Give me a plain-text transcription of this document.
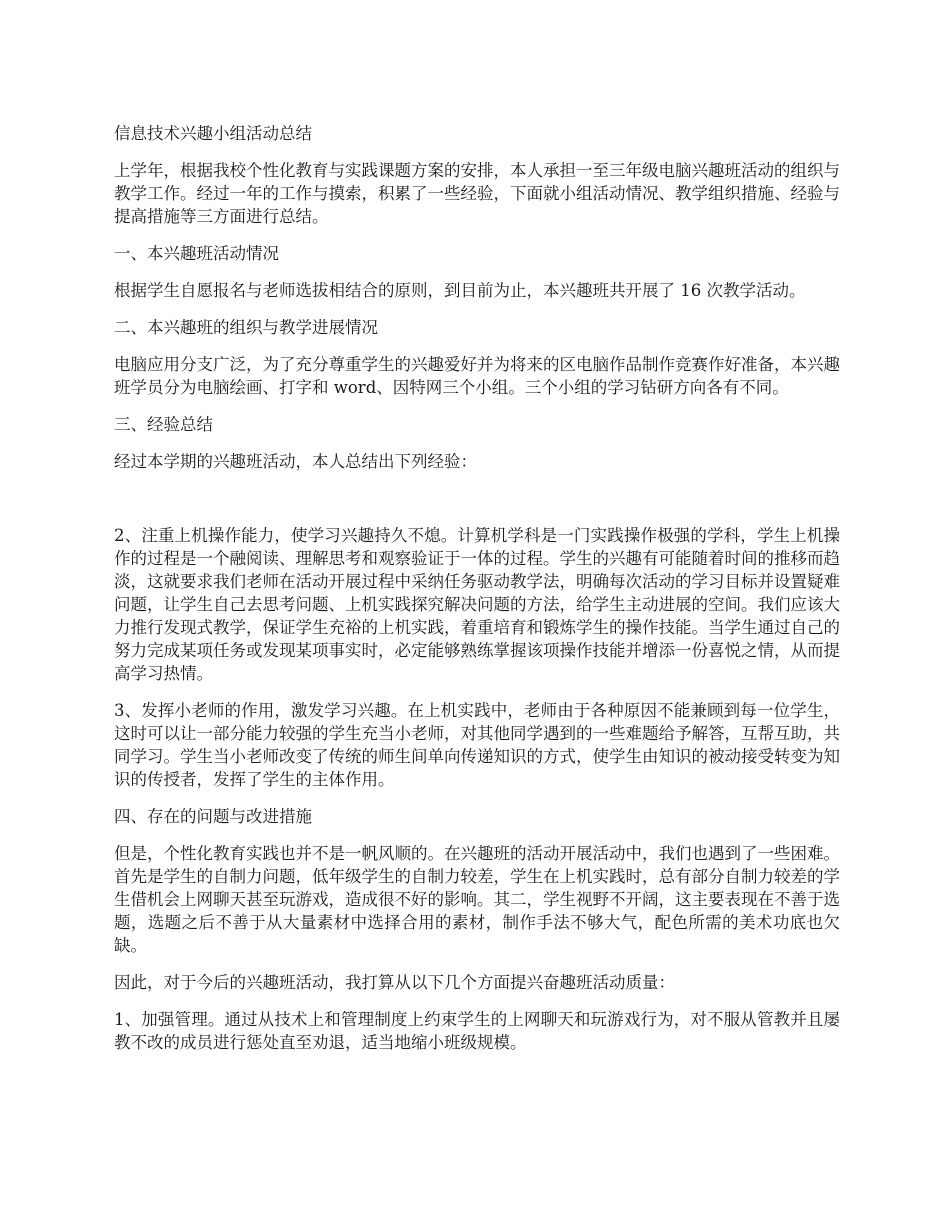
信息技术兴趣小组活动总结

上学年，根据我校个性化教育与实践课题方案的安排，本人承担一至三年级电脑兴趣班活动的组织与教学工作。经过一年的工作与摸索，积累了一些经验，下面就小组活动情况、教学组织措施、经验与提高措施等三方面进行总结。

一、本兴趣班活动情况

根据学生自愿报名与老师选拔相结合的原则，到目前为止，本兴趣班共开展了 16 次教学活动。

二、本兴趣班的组织与教学进展情况

电脑应用分支广泛，为了充分尊重学生的兴趣爱好并为将来的区电脑作品制作竞赛作好准备，本兴趣班学员分为电脑绘画、打字和 word、因特网三个小组。三个小组的学习钻研方向各有不同。

三、经验总结

经过本学期的兴趣班活动，本人总结出下列经验：

2、注重上机操作能力，使学习兴趣持久不熄。计算机学科是一门实践操作极强的学科，学生上机操作的过程是一个融阅读、理解思考和观察验证于一体的过程。学生的兴趣有可能随着时间的推移而趋淡，这就要求我们老师在活动开展过程中采纳任务驱动教学法，明确每次活动的学习目标并设置疑难问题，让学生自己去思考问题、上机实践探究解决问题的方法，给学生主动进展的空间。我们应该大力推行发现式教学，保证学生充裕的上机实践，着重培育和锻炼学生的操作技能。当学生通过自己的努力完成某项任务或发现某项事实时，必定能够熟练掌握该项操作技能并增添一份喜悦之情，从而提高学习热情。

3、发挥小老师的作用，激发学习兴趣。在上机实践中，老师由于各种原因不能兼顾到每一位学生，这时可以让一部分能力较强的学生充当小老师，对其他同学遇到的一些难题给予解答，互帮互助，共同学习。学生当小老师改变了传统的师生间单向传递知识的方式，使学生由知识的被动接受转变为知识的传授者，发挥了学生的主体作用。

四、存在的问题与改进措施

但是，个性化教育实践也并不是一帆风顺的。在兴趣班的活动开展活动中，我们也遇到了一些困难。首先是学生的自制力问题，低年级学生的自制力较差，学生在上机实践时，总有部分自制力较差的学生借机会上网聊天甚至玩游戏，造成很不好的影响。其二，学生视野不开阔，这主要表现在不善于选题，选题之后不善于从大量素材中选择合用的素材，制作手法不够大气，配色所需的美术功底也欠缺。

因此，对于今后的兴趣班活动，我打算从以下几个方面提兴奋趣班活动质量：

1、加强管理。通过从技术上和管理制度上约束学生的上网聊天和玩游戏行为，对不服从管教并且屡教不改的成员进行惩处直至劝退，适当地缩小班级规模。
